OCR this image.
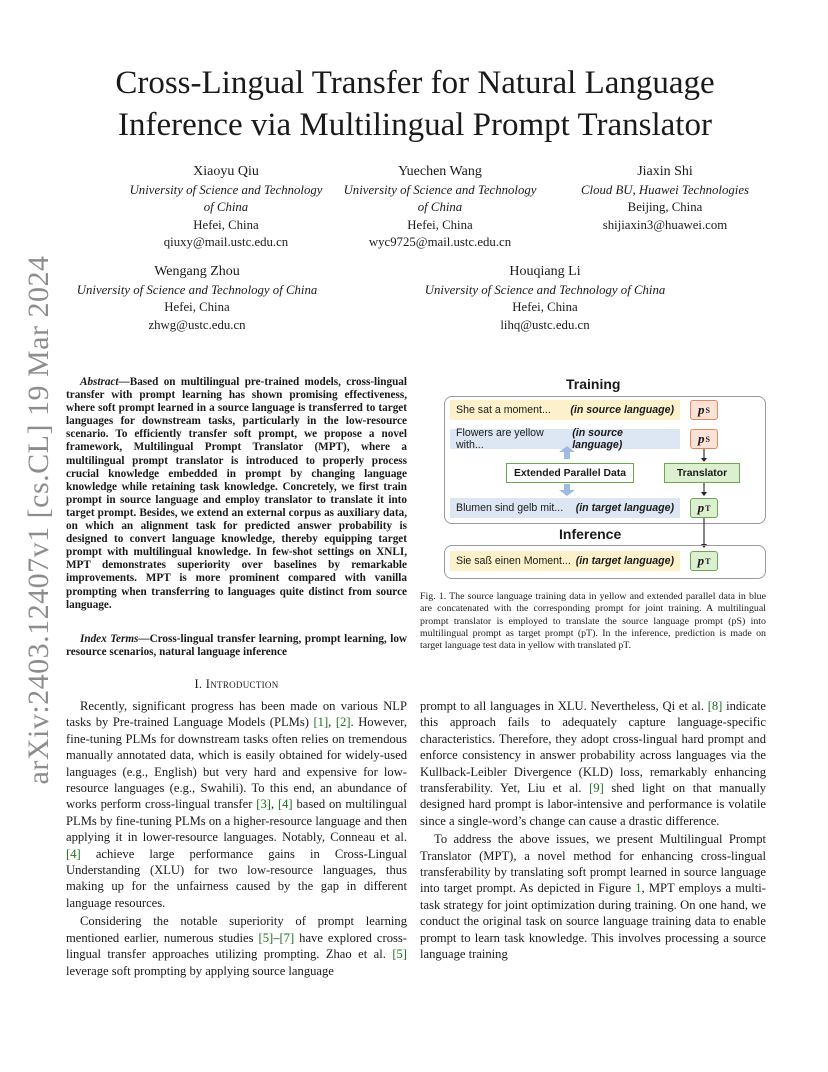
arXiv:2403.12407v1 [cs.CL] 19 Mar 2024
Cross-Lingual Transfer for Natural Language
Inference via Multilingual Prompt Translator
Xiaoyu Qiu
University of Science and Technology
of China
Hefei, China
qiuxy@mail.ustc.edu.cn
Yuechen Wang
University of Science and Technology
of China
Hefei, China
wyc9725@mail.ustc.edu.cn
Jiaxin Shi
Cloud BU, Huawei Technologies
Beijing, China
shijiaxin3@huawei.com
Wengang Zhou
University of Science and Technology of China
Hefei, China
zhwg@ustc.edu.cn
Houqiang Li
University of Science and Technology of China
Hefei, China
lihq@ustc.edu.cn
Abstract—Based on multilingual pre-trained models, cross-lingual transfer with prompt learning has shown promising effectiveness, where soft prompt learned in a source language is transferred to target languages for downstream tasks, particularly in the low-resource scenario. To efficiently transfer soft prompt, we propose a novel framework, Multilingual Prompt Translator (MPT), where a multilingual prompt translator is introduced to properly process crucial knowledge embedded in prompt by changing language knowledge while retaining task knowledge. Concretely, we first train prompt in source language and employ translator to translate it into target prompt. Besides, we extend an external corpus as auxiliary data, on which an alignment task for predicted answer probability is designed to convert language knowledge, thereby equipping target prompt with multilingual knowledge. In few-shot settings on XNLI, MPT demonstrates superiority over baselines by remarkable improvements. MPT is more prominent compared with vanilla prompting when transferring to languages quite distinct from source language.
Index Terms—Cross-lingual transfer learning, prompt learning, low resource scenarios, natural language inference
I. Introduction

Recently, significant progress has been made on various NLP tasks by Pre-trained Language Models (PLMs) [1], [2]. However, fine-tuning PLMs for downstream tasks often relies on tremendous manually annotated data, which is easily obtained for widely-used languages (e.g., English) but very hard and expensive for low-resource languages (e.g., Swahili). To this end, an abundance of works perform cross-lingual transfer [3], [4] based on multilingual PLMs by fine-tuning PLMs on a higher-resource language and then applying it in lower-resource languages. Notably, Conneau et al. [4] achieve large performance gains in Cross-Lingual Understanding (XLU) for two low-resource languages, thus making up for the unfairness caused by the gap in different language resources.

Considering the notable superiority of prompt learning mentioned earlier, numerous studies [5]–[7] have explored cross-lingual transfer approaches utilizing prompting. Zhao et al. [5] leverage soft prompting by applying source language

prompt to all languages in XLU. Nevertheless, Qi et al. [8] indicate this approach fails to adequately capture language-specific characteristics. Therefore, they adopt cross-lingual hard prompt and enforce consistency in answer probability across languages via the Kullback-Leibler Divergence (KLD) loss, remarkably enhancing transferability. Yet, Liu et al. [9] shed light on that manually designed hard prompt is labor-intensive and performance is volatile since a single-word’s change can cause a drastic difference.

To address the above issues, we present Multilingual Prompt Translator (MPT), a novel method for enhancing cross-lingual transferability by translating soft prompt learned in source language into target prompt. As depicted in Figure 1, MPT employs a multi-task strategy for joint optimization during training. On one hand, we conduct the original task on source language training data to enable prompt to learn task knowledge. This involves processing a source language training

Training
She sat a moment... (in source language) p S
Flowers are yellow with...
(in source language)	p S
Extended Parallel Data	Translator
Blumen sind gelb mit... (in target language) p T
Inference
Sie saß einen Moment... (in target language) p T
Fig. 1. The source language training data in yellow and extended parallel data in blue are concatenated with the corresponding prompt for joint training. A multilingual prompt translator is employed to translate the source language prompt (pS) into multilingual prompt as target prompt (pT). In the inference, prediction is made on target language test data in yellow with translated pT.
